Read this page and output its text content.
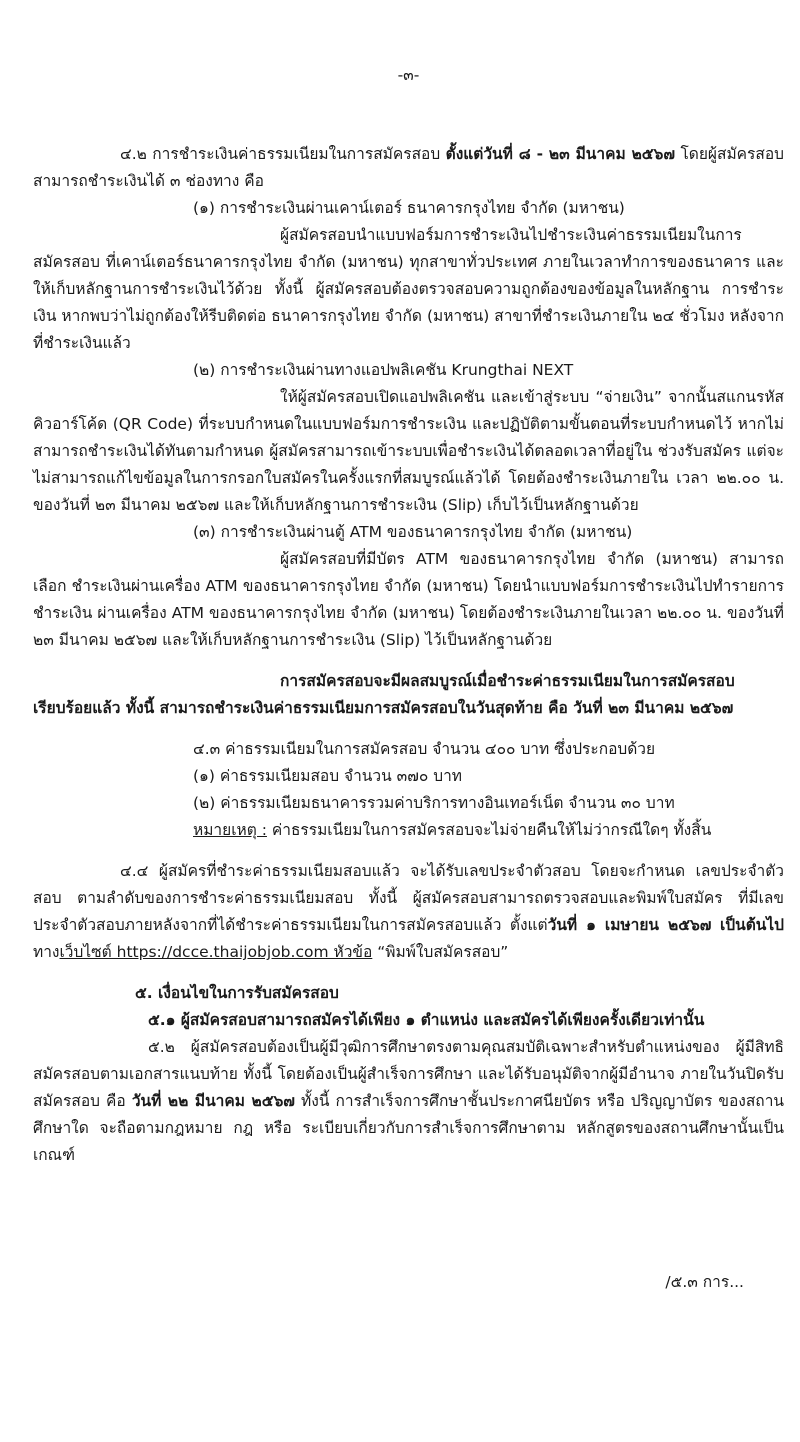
-๓-

๔.๒ การชำระเงินค่าธรรมเนียมในการสมัครสอบ ตั้งแต่วันที่ ๘ - ๒๓ มีนาคม ๒๕๖๗ โดยผู้สมัครสอบสามารถชำระเงินได้ ๓ ช่องทาง คือ

(๑) การชำระเงินผ่านเคาน์เตอร์ ธนาคารกรุงไทย จำกัด (มหาชน)

ผู้สมัครสอบนำแบบฟอร์มการชำระเงินไปชำระเงินค่าธรรมเนียมในการ สมัครสอบ ที่เคาน์เตอร์ธนาคารกรุงไทย จำกัด (มหาชน) ทุกสาขาทั่วประเทศ ภายในเวลาทำการของธนาคาร และให้เก็บหลักฐานการชำระเงินไว้ด้วย ทั้งนี้ ผู้สมัครสอบต้องตรวจสอบความถูกต้องของข้อมูลในหลักฐาน การชำระเงิน หากพบว่าไม่ถูกต้องให้รีบติดต่อ ธนาคารกรุงไทย จำกัด (มหาชน) สาขาที่ชำระเงินภายใน ๒๔ ชั่วโมง หลังจากที่ชำระเงินแล้ว

(๒) การชำระเงินผ่านทางแอปพลิเคชัน Krungthai NEXT

ให้ผู้สมัครสอบเปิดแอปพลิเคชัน และเข้าสู่ระบบ “จ่ายเงิน” จากนั้นสแกนรหัส คิวอาร์โค้ด (QR Code) ที่ระบบกำหนดในแบบฟอร์มการชำระเงิน และปฏิบัติตามขั้นตอนที่ระบบกำหนดไว้ หากไม่สามารถชำระเงินได้ทันตามกำหนด ผู้สมัครสามารถเข้าระบบเพื่อชำระเงินได้ตลอดเวลาที่อยู่ใน ช่วงรับสมัคร แต่จะไม่สามารถแก้ไขข้อมูลในการกรอกใบสมัครในครั้งแรกที่สมบูรณ์แล้วได้ โดยต้องชำระเงินภายใน เวลา ๒๒.๐๐ น. ของวันที่ ๒๓ มีนาคม ๒๕๖๗ และให้เก็บหลักฐานการชำระเงิน (Slip) เก็บไว้เป็นหลักฐานด้วย

(๓) การชำระเงินผ่านตู้ ATM ของธนาคารกรุงไทย จำกัด (มหาชน)

ผู้สมัครสอบที่มีบัตร ATM ของธนาคารกรุงไทย จำกัด (มหาชน) สามารถเลือก ชำระเงินผ่านเครื่อง ATM ของธนาคารกรุงไทย จำกัด (มหาชน) โดยนำแบบฟอร์มการชำระเงินไปทำรายการชำระเงิน ผ่านเครื่อง ATM ของธนาคารกรุงไทย จำกัด (มหาชน) โดยต้องชำระเงินภายในเวลา ๒๒.๐๐ น. ของวันที่ ๒๓ มีนาคม ๒๕๖๗ และให้เก็บหลักฐานการชำระเงิน (Slip) ไว้เป็นหลักฐานด้วย

การสมัครสอบจะมีผลสมบูรณ์เมื่อชำระค่าธรรมเนียมในการสมัครสอบเรียบร้อยแล้ว ทั้งนี้ สามารถชำระเงินค่าธรรมเนียมการสมัครสอบในวันสุดท้าย คือ วันที่ ๒๓ มีนาคม ๒๕๖๗

๔.๓ ค่าธรรมเนียมในการสมัครสอบ จำนวน ๔๐๐ บาท ซึ่งประกอบด้วย

(๑) ค่าธรรมเนียมสอบ จำนวน ๓๗๐ บาท

(๒) ค่าธรรมเนียมธนาคารรวมค่าบริการทางอินเทอร์เน็ต จำนวน ๓๐ บาท

หมายเหตุ : ค่าธรรมเนียมในการสมัครสอบจะไม่จ่ายคืนให้ไม่ว่ากรณีใดๆ ทั้งสิ้น

๔.๔ ผู้สมัครที่ชำระค่าธรรมเนียมสอบแล้ว จะได้รับเลขประจำตัวสอบ โดยจะกำหนด เลขประจำตัวสอบ ตามลำดับของการชำระค่าธรรมเนียมสอบ ทั้งนี้ ผู้สมัครสอบสามารถตรวจสอบและพิมพ์ใบสมัคร ที่มีเลขประจำตัวสอบภายหลังจากที่ได้ชำระค่าธรรมเนียมในการสมัครสอบแล้ว ตั้งแต่วันที่ ๑ เมษายน ๒๕๖๗ เป็นต้นไป ทางเว็บไซต์ https://dcce.thaijobjob.com หัวข้อ “พิมพ์ใบสมัครสอบ”

๕. เงื่อนไขในการรับสมัครสอบ

๕.๑ ผู้สมัครสอบสามารถสมัครได้เพียง ๑ ตำแหน่ง และสมัครได้เพียงครั้งเดียวเท่านั้น

๕.๒ ผู้สมัครสอบต้องเป็นผู้มีวุฒิการศึกษาตรงตามคุณสมบัติเฉพาะสำหรับตำแหน่งของ ผู้มีสิทธิสมัครสอบตามเอกสารแนบท้าย ทั้งนี้ โดยต้องเป็นผู้สำเร็จการศึกษา และได้รับอนุมัติจากผู้มีอำนาจ ภายในวันปิดรับสมัครสอบ คือ วันที่ ๒๒ มีนาคม ๒๕๖๗ ทั้งนี้ การสำเร็จการศึกษาชั้นประกาศนียบัตร หรือ ปริญญาบัตร ของสถานศึกษาใด จะถือตามกฎหมาย กฎ หรือ ระเบียบเกี่ยวกับการสำเร็จการศึกษาตาม หลักสูตรของสถานศึกษานั้นเป็นเกณฑ์

/๕.๓ การ...
